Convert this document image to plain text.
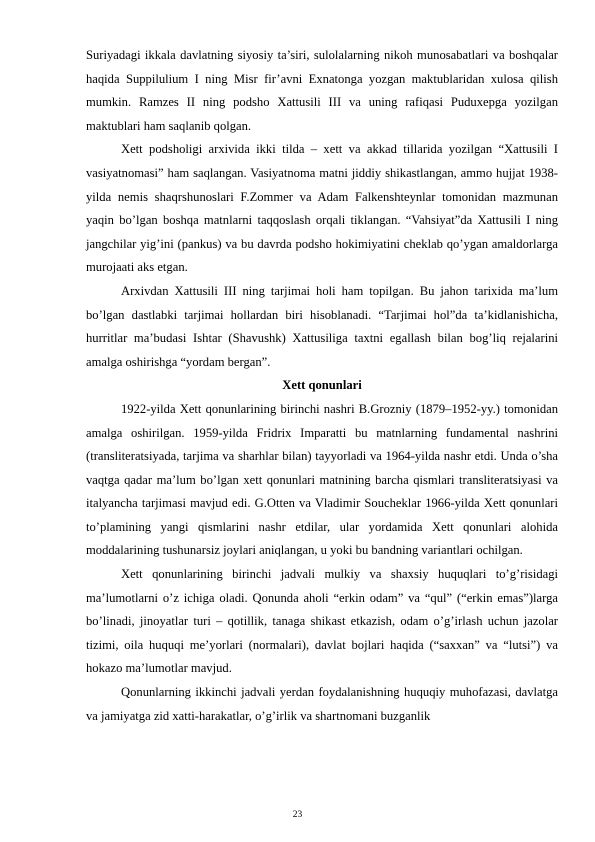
Suriyadagi ikkala davlatning siyosiy ta’siri, sulolalarning nikoh munosabatlari va boshqalar haqida Suppilulium I ning Misr fir’avni Exnatonga yozgan maktublaridan xulosa qilish mumkin. Ramzes II ning podsho Xattusili III va uning rafiqasi Puduxepga yozilgan maktublari ham saqlanib qolgan.

Xett podsholigi arxivida ikki tilda – xett va akkad tillarida yozilgan “Xattusili I vasiyatnomasi” ham saqlangan. Vasiyatnoma matni jiddiy shikastlangan, ammo hujjat 1938-yilda nemis shaqrshunoslari F.Zommer va Adam Falkenshteynlar tomonidan mazmunan yaqin bo’lgan boshqa matnlarni taqqoslash orqali tiklangan. “Vahsiyat”da Xattusili I ning jangchilar yig’ini (pankus) va bu davrda podsho hokimiyatini cheklab qo’ygan amaldorlarga murojaati aks etgan.

Arxivdan Xattusili III ning tarjimai holi ham topilgan. Bu jahon tarixida ma’lum bo’lgan dastlabki tarjimai hollardan biri hisoblanadi. “Tarjimai hol”da ta’kidlanishicha, hurritlar ma’budasi Ishtar (Shavushk) Xattusiliga taxtni egallash bilan bog’liq rejalarini amalga oshirishga “yordam bergan”.

Xett qonunlari

1922-yilda Xett qonunlarining birinchi nashri B.Grozniy (1879–1952-yy.) tomonidan amalga oshirilgan. 1959-yilda Fridrix Imparatti bu matnlarning fundamental nashrini (transliteratsiyada, tarjima va sharhlar bilan) tayyorladi va 1964-yilda nashr etdi. Unda o’sha vaqtga qadar ma’lum bo’lgan xett qonunlari matnining barcha qismlari transliteratsiyasi va italyancha tarjimasi mavjud edi. G.Otten va Vladimir Soucheklar 1966-yilda Xett qonunlari to’plamining yangi qismlarini nashr etdilar, ular yordamida Xett qonunlari alohida moddalarining tushunarsiz joylari aniqlangan, u yoki bu bandning variantlari ochilgan.

Xett qonunlarining birinchi jadvali mulkiy va shaxsiy huquqlari to’g’risidagi ma’lumotlarni o’z ichiga oladi. Qonunda aholi “erkin odam” va “qul” (“erkin emas”)larga bo’linadi, jinoyatlar turi – qotillik, tanaga shikast etkazish, odam o’g’irlash uchun jazolar tizimi, oila huquqi me’yorlari (normalari), davlat bojlari haqida (“saxxan” va “lutsi”) va hokazo ma’lumotlar mavjud.

Qonunlarning ikkinchi jadvali yerdan foydalanishning huquqiy muhofazasi, davlatga va jamiyatga zid xatti-harakatlar, o’g’irlik va shartnomani buzganlik

23
